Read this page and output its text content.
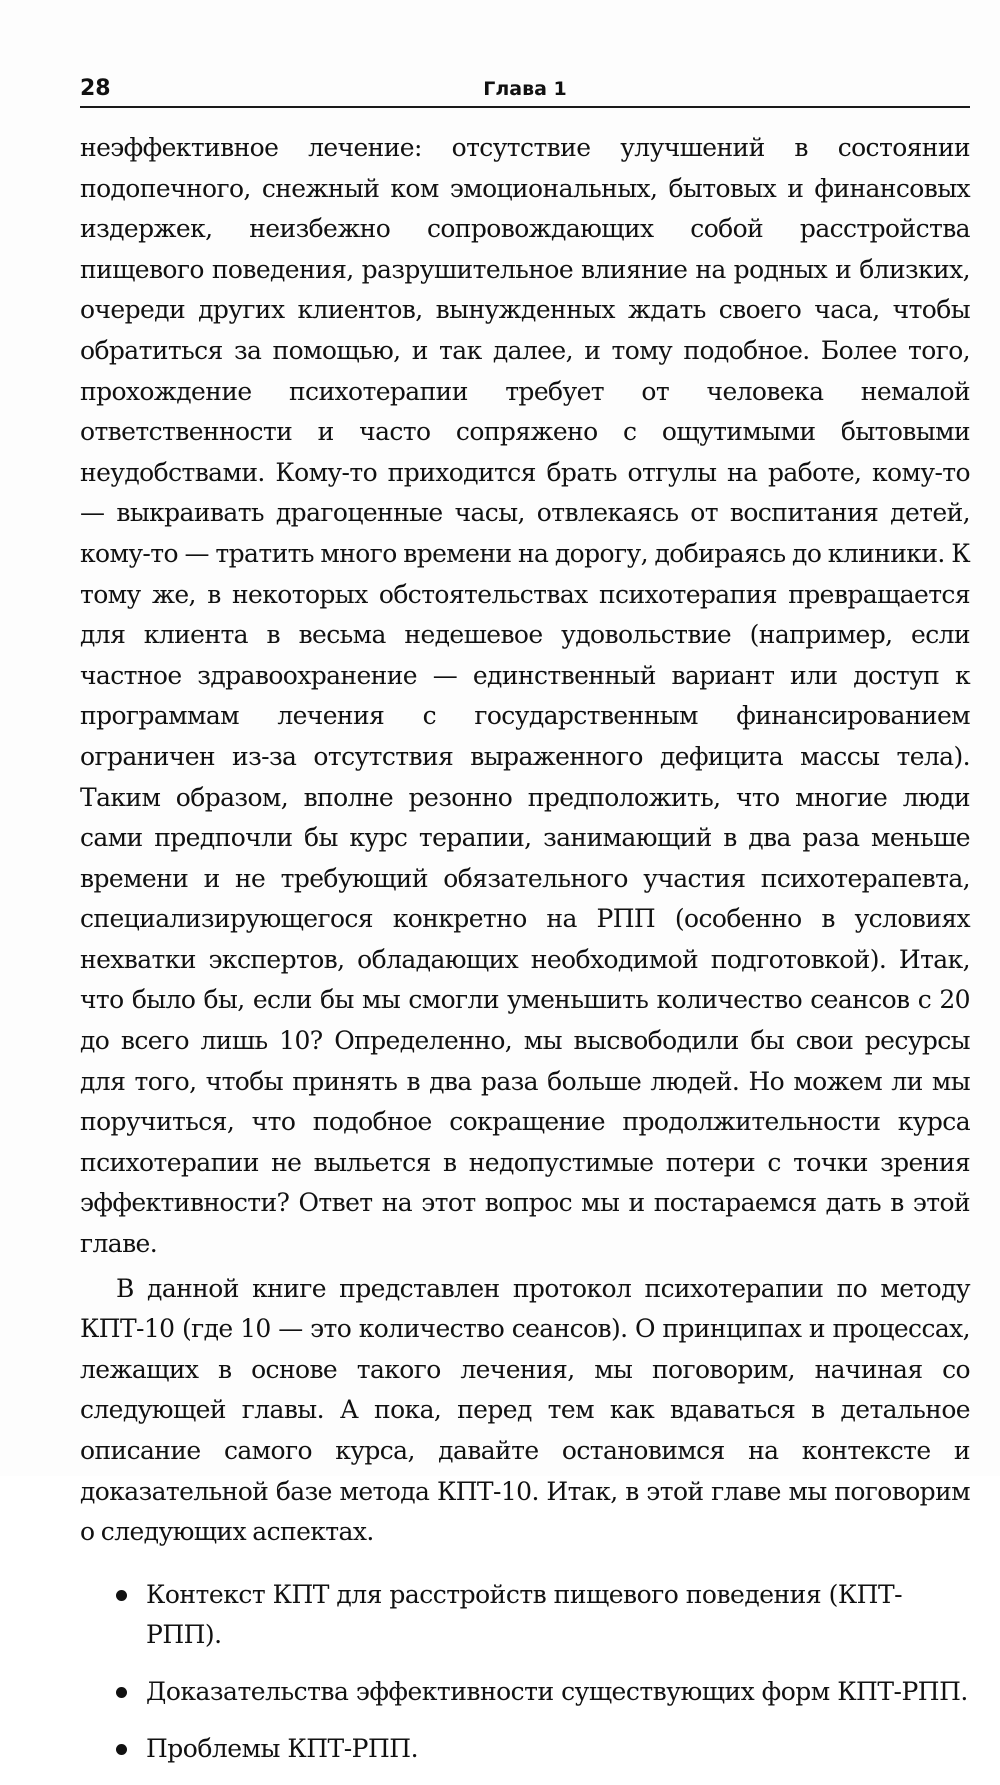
28	Глава 1

неэффективное лечение: отсутствие улучшений в состоянии подопечного, снежный ком эмоциональных, бытовых и финансовых издержек, неизбежно сопровождающих собой расстройства пищевого поведения, разрушительное влияние на родных и близких, очереди других клиентов, вынужденных ждать своего часа, чтобы обратиться за помощью, и так далее, и тому подобное. Более того, прохождение психотерапии требует от человека немалой ответственности и часто сопряжено с ощутимыми бытовыми неудобствами. Кому-то приходится брать отгулы на работе, кому-то — выкраивать драгоценные часы, отвлекаясь от воспитания детей, кому-то — тратить много времени на дорогу, добираясь до клиники. К тому же, в некоторых обстоятельствах психотерапия превращается для клиента в весьма недешевое удовольствие (например, если частное здравоохранение — единственный вариант или доступ к программам лечения с государственным финансированием ограничен из-за отсутствия выраженного дефицита массы тела). Таким образом, вполне резонно предположить, что многие люди сами предпочли бы курс терапии, занимающий в два раза меньше времени и не требующий обязательного участия психотерапевта, специализирующегося конкретно на РПП (особенно в условиях нехватки экспертов, обладающих необходимой подготовкой). Итак, что было бы, если бы мы смогли уменьшить количество сеансов с 20 до всего лишь 10? Определенно, мы высвободили бы свои ресурсы для того, чтобы принять в два раза больше людей. Но можем ли мы поручиться, что подобное сокращение продолжительности курса психотерапии не выльется в недопустимые потери с точки зрения эффективности? Ответ на этот вопрос мы и постараемся дать в этой главе.

В данной книге представлен протокол психотерапии по методу КПТ-10 (где 10 — это количество сеансов). О принципах и процессах, лежащих в основе такого лечения, мы поговорим, начиная со следующей главы. А пока, перед тем как вдаваться в детальное описание самого курса, давайте остановимся на контексте и доказательной базе метода КПТ-10. Итак, в этой главе мы поговорим о следующих аспектах.

Контекст КПТ для расстройств пищевого поведения (КПТ-РПП).
Доказательства эффективности существующих форм КПТ-РПП.
Проблемы КПТ-РПП.
